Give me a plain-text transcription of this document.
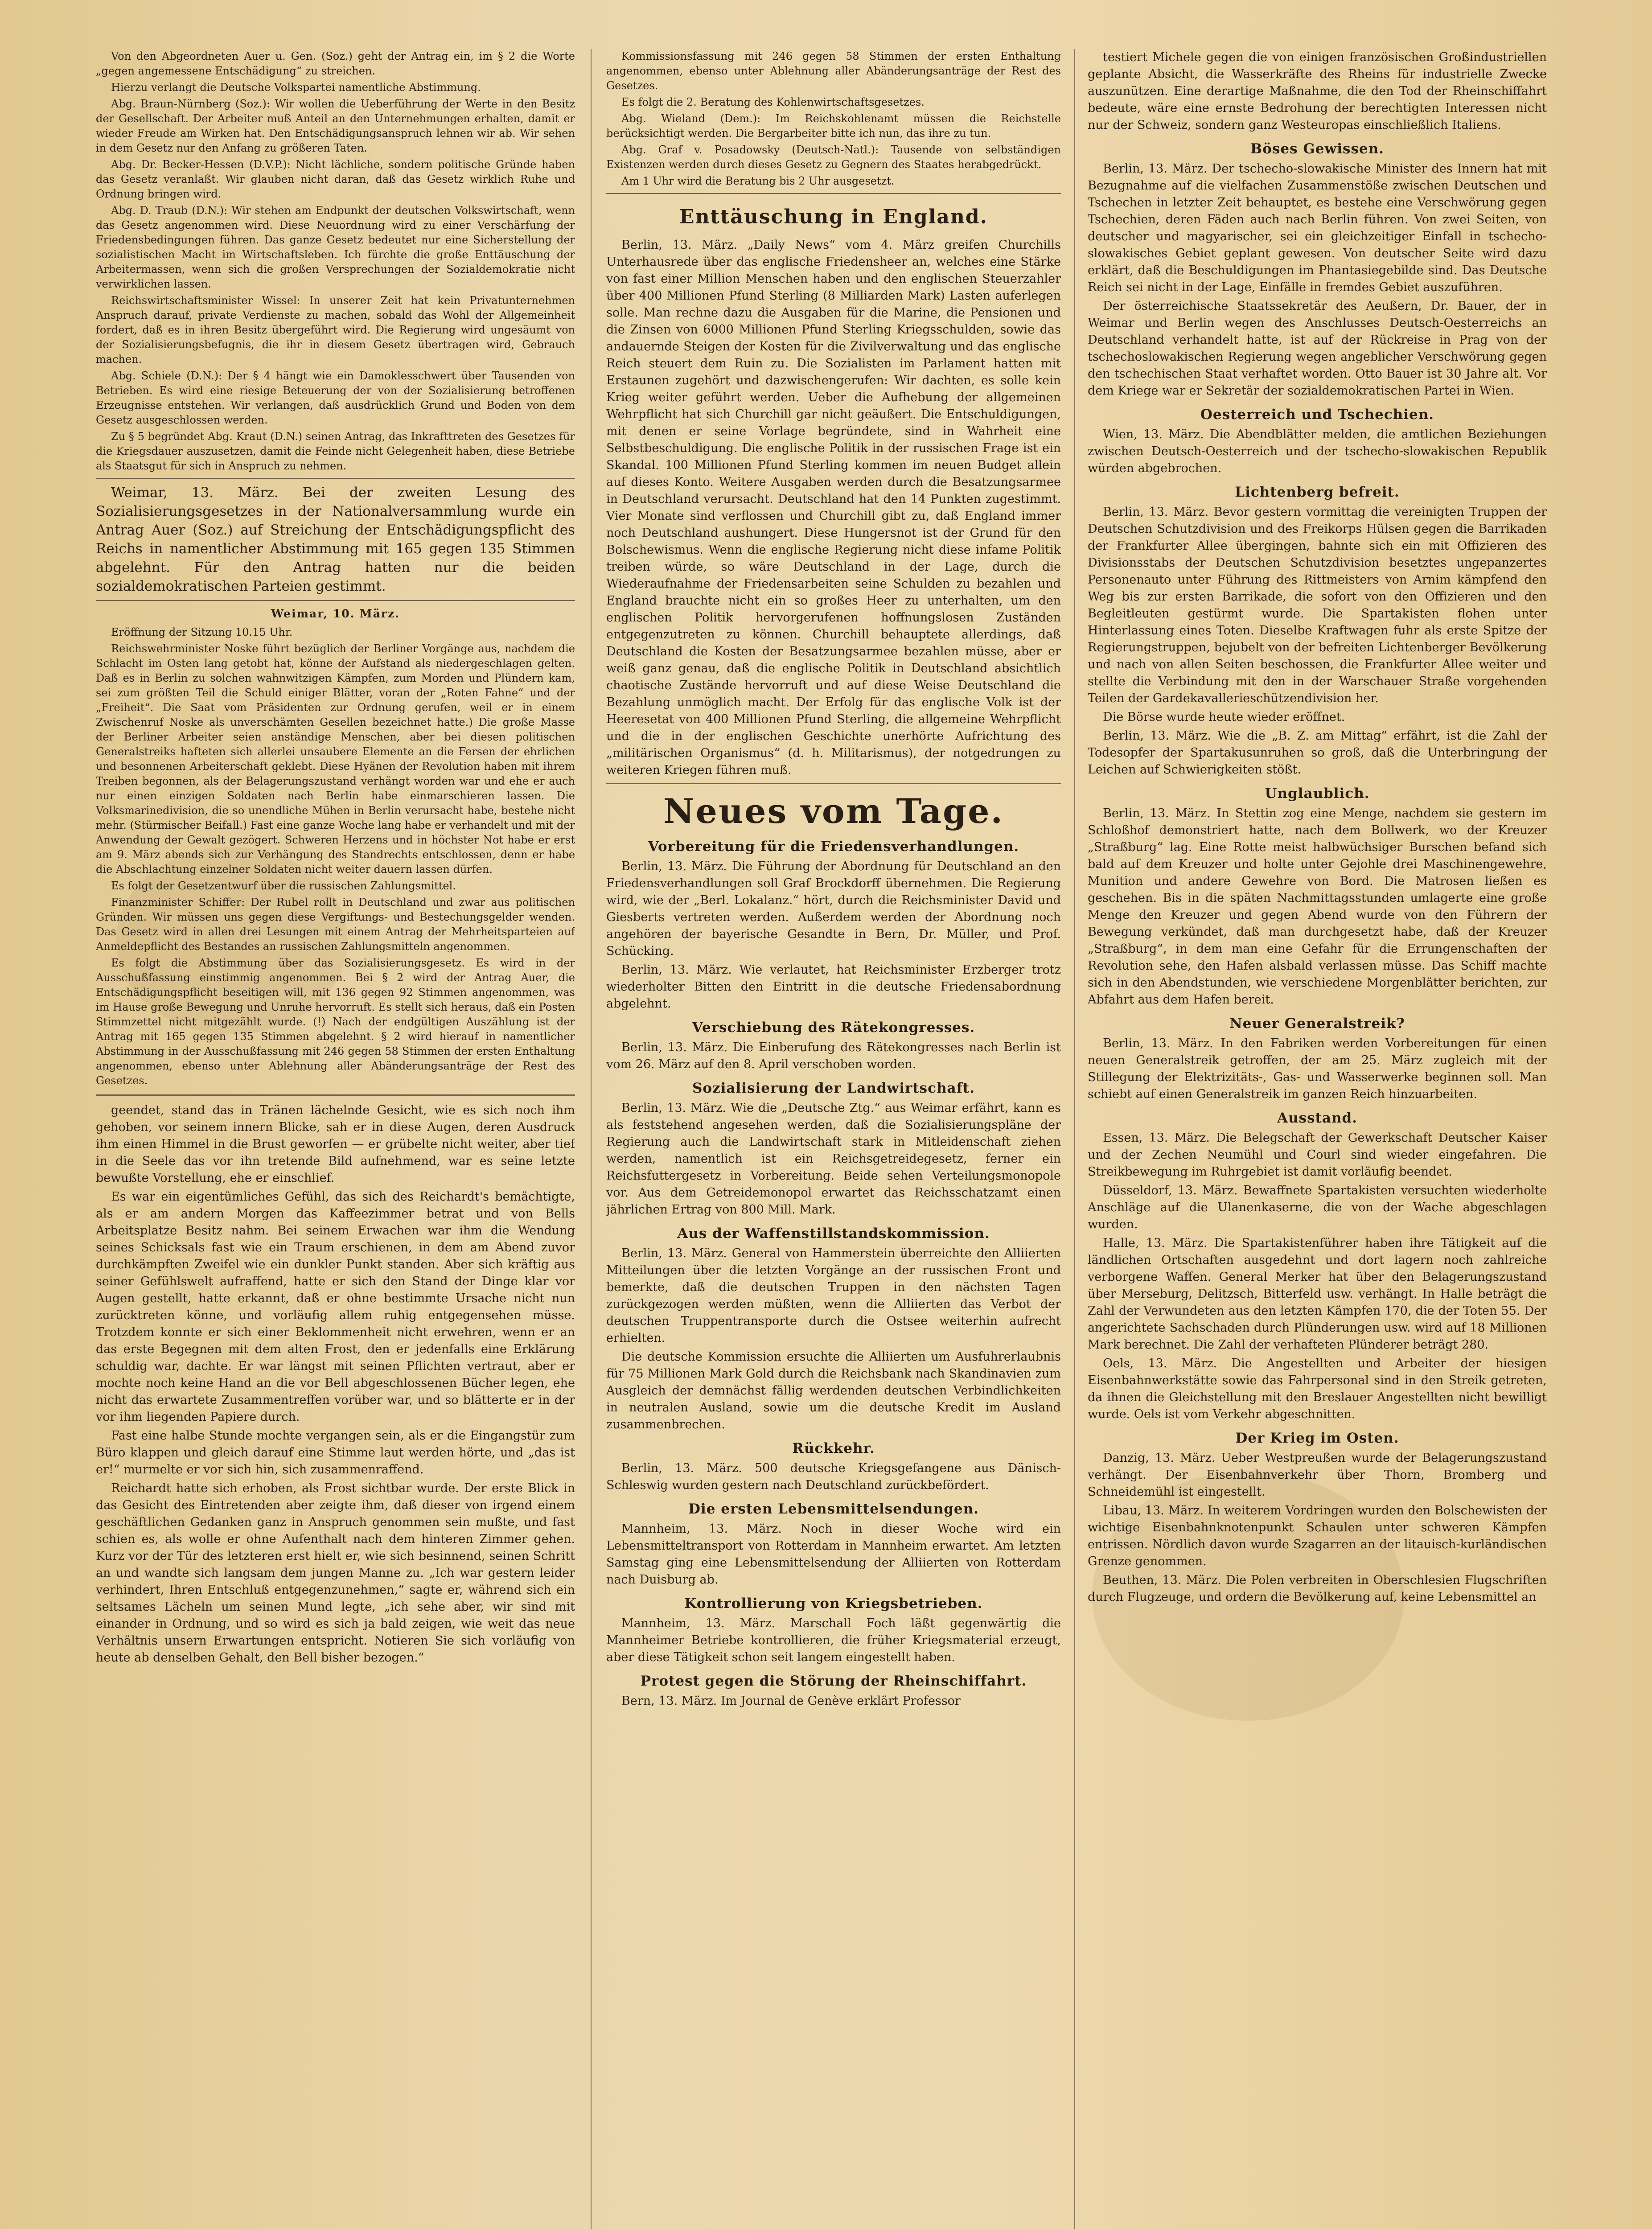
Von den Abgeordneten Auer u. Gen. (Soz.) geht der Antrag ein, im § 2 die Worte „gegen angemessene Entschädigung“ zu streichen.

Hierzu verlangt die Deutsche Volkspartei namentliche Abstimmung.

Abg. Braun-Nürnberg (Soz.): Wir wollen die Ueberführung der Werte in den Besitz der Gesellschaft. Der Arbeiter muß Anteil an den Unternehmungen erhalten, damit er wieder Freude am Wirken hat. Den Entschädigungsanspruch lehnen wir ab. Wir sehen in dem Gesetz nur den Anfang zu größeren Taten.

Abg. Dr. Becker-Hessen (D.V.P.): Nicht lächliche, sondern politische Gründe haben das Gesetz veranlaßt. Wir glauben nicht daran, daß das Gesetz wirklich Ruhe und Ordnung bringen wird.

Abg. D. Traub (D.N.): Wir stehen am Endpunkt der deutschen Volkswirtschaft, wenn das Gesetz angenommen wird. Diese Neuordnung wird zu einer Verschärfung der Friedensbedingungen führen. Das ganze Gesetz bedeutet nur eine Sicherstellung der sozialistischen Macht im Wirtschaftsleben. Ich fürchte die große Enttäuschung der Arbeitermassen, wenn sich die großen Versprechungen der Sozialdemokratie nicht verwirklichen lassen.

Reichswirtschaftsminister Wissel: In unserer Zeit hat kein Privatunternehmen Anspruch darauf, private Verdienste zu machen, sobald das Wohl der Allgemeinheit fordert, daß es in ihren Besitz übergeführt wird. Die Regierung wird ungesäumt von der Sozialisierungsbefugnis, die ihr in diesem Gesetz übertragen wird, Gebrauch machen.

Abg. Schiele (D.N.): Der § 4 hängt wie ein Damoklesschwert über Tausenden von Betrieben. Es wird eine riesige Beteuerung der von der Sozialisierung betroffenen Erzeugnisse entstehen. Wir verlangen, daß ausdrücklich Grund und Boden von dem Gesetz ausgeschlossen werden.

Zu § 5 begründet Abg. Kraut (D.N.) seinen Antrag, das Inkrafttreten des Gesetzes für die Kriegsdauer auszusetzen, damit die Feinde nicht Gelegenheit haben, diese Betriebe als Staatsgut für sich in Anspruch zu nehmen.

Weimar, 13. März. Bei der zweiten Lesung des Sozialisierungsgesetzes in der Nationalversammlung wurde ein Antrag Auer (Soz.) auf Streichung der Entschädigungspflicht des Reichs in namentlicher Abstimmung mit 165 gegen 135 Stimmen abgelehnt. Für den Antrag hatten nur die beiden sozialdemokratischen Parteien gestimmt.

Weimar, 10. März.

Eröffnung der Sitzung 10.15 Uhr.

Reichswehrminister Noske führt bezüglich der Berliner Vorgänge aus, nachdem die Schlacht im Osten lang getobt hat, könne der Aufstand als niedergeschlagen gelten. Daß es in Berlin zu solchen wahnwitzigen Kämpfen, zum Morden und Plündern kam, sei zum größten Teil die Schuld einiger Blätter, voran der „Roten Fahne“ und der „Freiheit“. Die Saat vom Präsidenten zur Ordnung gerufen, weil er in einem Zwischenruf Noske als unverschämten Gesellen bezeichnet hatte.) Die große Masse der Berliner Arbeiter seien anständige Menschen, aber bei diesen politischen Generalstreiks hafteten sich allerlei unsaubere Elemente an die Fersen der ehrlichen und besonnenen Arbeiterschaft geklebt. Diese Hyänen der Revolution haben mit ihrem Treiben begonnen, als der Belagerungszustand verhängt worden war und ehe er auch nur einen einzigen Soldaten nach Berlin habe einmarschieren lassen. Die Volksmarinedivision, die so unendliche Mühen in Berlin verursacht habe, bestehe nicht mehr. (Stürmischer Beifall.) Fast eine ganze Woche lang habe er verhandelt und mit der Anwendung der Gewalt gezögert. Schweren Herzens und in höchster Not habe er erst am 9. März abends sich zur Verhängung des Standrechts entschlossen, denn er habe die Abschlachtung einzelner Soldaten nicht weiter dauern lassen dürfen.

Es folgt der Gesetzentwurf über die russischen Zahlungsmittel.

Finanzminister Schiffer: Der Rubel rollt in Deutschland und zwar aus politischen Gründen. Wir müssen uns gegen diese Vergiftungs- und Bestechungsgelder wenden. Das Gesetz wird in allen drei Lesungen mit einem Antrag der Mehrheitsparteien auf Anmeldepflicht des Bestandes an russischen Zahlungsmitteln angenommen.

Es folgt die Abstimmung über das Sozialisierungsgesetz. Es wird in der Ausschußfassung einstimmig angenommen. Bei § 2 wird der Antrag Auer, die Entschädigungspflicht beseitigen will, mit 136 gegen 92 Stimmen angenommen, was im Hause große Bewegung und Unruhe hervorruft. Es stellt sich heraus, daß ein Posten Stimmzettel nicht mitgezählt wurde. (!) Nach der endgültigen Auszählung ist der Antrag mit 165 gegen 135 Stimmen abgelehnt. § 2 wird hierauf in namentlicher Abstimmung in der Ausschußfassung mit 246 gegen 58 Stimmen der ersten Enthaltung angenommen, ebenso unter Ablehnung aller Abänderungsanträge der Rest des Gesetzes.

geendet, stand das in Tränen lächelnde Gesicht, wie es sich noch ihm gehoben, vor seinem innern Blicke, sah er in diese Augen, deren Ausdruck ihm einen Himmel in die Brust geworfen — er grübelte nicht weiter, aber tief in die Seele das vor ihn tretende Bild aufnehmend, war es seine letzte bewußte Vorstellung, ehe er einschlief.

Es war ein eigentümliches Gefühl, das sich des Reichardt's bemächtigte, als er am andern Morgen das Kaffeezimmer betrat und von Bells Arbeitsplatze Besitz nahm. Bei seinem Erwachen war ihm die Wendung seines Schicksals fast wie ein Traum erschienen, in dem am Abend zuvor durchkämpften Zweifel wie ein dunkler Punkt standen. Aber sich kräftig aus seiner Gefühlswelt aufraffend, hatte er sich den Stand der Dinge klar vor Augen gestellt, hatte erkannt, daß er ohne bestimmte Ursache nicht nun zurücktreten könne, und vorläufig allem ruhig entgegensehen müsse. Trotzdem konnte er sich einer Beklommenheit nicht erwehren, wenn er an das erste Begegnen mit dem alten Frost, den er jedenfalls eine Erklärung schuldig war, dachte. Er war längst mit seinen Pflichten vertraut, aber er mochte noch keine Hand an die vor Bell abgeschlossenen Bücher legen, ehe nicht das erwartete Zusammentreffen vorüber war, und so blätterte er in der vor ihm liegenden Papiere durch.

Fast eine halbe Stunde mochte vergangen sein, als er die Eingangstür zum Büro klappen und gleich darauf eine Stimme laut werden hörte, und „das ist er!“ murmelte er vor sich hin, sich zusammenraffend.

Reichardt hatte sich erhoben, als Frost sichtbar wurde. Der erste Blick in das Gesicht des Eintretenden aber zeigte ihm, daß dieser von irgend einem geschäftlichen Gedanken ganz in Anspruch genommen sein mußte, und fast schien es, als wolle er ohne Aufenthalt nach dem hinteren Zimmer gehen. Kurz vor der Tür des letzteren erst hielt er, wie sich besinnend, seinen Schritt an und wandte sich langsam dem jungen Manne zu. „Ich war gestern leider verhindert, Ihren Entschluß entgegenzunehmen,“ sagte er, während sich ein seltsames Lächeln um seinen Mund legte, „ich sehe aber, wir sind mit einander in Ordnung, und so wird es sich ja bald zeigen, wie weit das neue Verhältnis unsern Erwartungen entspricht. Notieren Sie sich vorläufig von heute ab denselben Gehalt, den Bell bisher bezogen.“

Kommissionsfassung mit 246 gegen 58 Stimmen der ersten Enthaltung angenommen, ebenso unter Ablehnung aller Abänderungsanträge der Rest des Gesetzes.

Es folgt die 2. Beratung des Kohlenwirtschaftsgesetzes.

Abg. Wieland (Dem.): Im Reichskohlenamt müssen die Reichstelle berücksichtigt werden. Die Bergarbeiter bitte ich nun, das ihre zu tun.

Abg. Graf v. Posadowsky (Deutsch-Natl.): Tausende von selbständigen Existenzen werden durch dieses Gesetz zu Gegnern des Staates herabgedrückt.

Am 1 Uhr wird die Beratung bis 2 Uhr ausgesetzt.

Enttäuschung in England.

Berlin, 13. März. „Daily News“ vom 4. März greifen Churchills Unterhausrede über das englische Friedensheer an, welches eine Stärke von fast einer Million Menschen haben und den englischen Steuerzahler über 400 Millionen Pfund Sterling (8 Milliarden Mark) Lasten auferlegen solle. Man rechne dazu die Ausgaben für die Marine, die Pensionen und die Zinsen von 6000 Millionen Pfund Sterling Kriegsschulden, sowie das andauernde Steigen der Kosten für die Zivilverwaltung und das englische Reich steuert dem Ruin zu. Die Sozialisten im Parlament hatten mit Erstaunen zugehört und dazwischengerufen: Wir dachten, es solle kein Krieg weiter geführt werden. Ueber die Aufhebung der allgemeinen Wehrpflicht hat sich Churchill gar nicht geäußert. Die Entschuldigungen, mit denen er seine Vorlage begründete, sind in Wahrheit eine Selbstbeschuldigung. Die englische Politik in der russischen Frage ist ein Skandal. 100 Millionen Pfund Sterling kommen im neuen Budget allein auf dieses Konto. Weitere Ausgaben werden durch die Besatzungsarmee in Deutschland verursacht. Deutschland hat den 14 Punkten zugestimmt. Vier Monate sind verflossen und Churchill gibt zu, daß England immer noch Deutschland aushungert. Diese Hungersnot ist der Grund für den Bolschewismus. Wenn die englische Regierung nicht diese infame Politik treiben würde, so wäre Deutschland in der Lage, durch die Wiederaufnahme der Friedensarbeiten seine Schulden zu bezahlen und England brauchte nicht ein so großes Heer zu unterhalten, um den englischen Politik hervorgerufenen hoffnungslosen Zuständen entgegenzutreten zu können. Churchill behauptete allerdings, daß Deutschland die Kosten der Besatzungsarmee bezahlen müsse, aber er weiß ganz genau, daß die englische Politik in Deutschland absichtlich chaotische Zustände hervorruft und auf diese Weise Deutschland die Bezahlung unmöglich macht. Der Erfolg für das englische Volk ist der Heeresetat von 400 Millionen Pfund Sterling, die allgemeine Wehrpflicht und die in der englischen Geschichte unerhörte Aufrichtung des „militärischen Organismus“ (d. h. Militarismus), der notgedrungen zu weiteren Kriegen führen muß.

Neues vom Tage.
Vorbereitung für die Friedensverhandlungen.

Berlin, 13. März. Die Führung der Abordnung für Deutschland an den Friedensverhandlungen soll Graf Brockdorff übernehmen. Die Regierung wird, wie der „Berl. Lokalanz.“ hört, durch die Reichsminister David und Giesberts vertreten werden. Außerdem werden der Abordnung noch angehören der bayerische Gesandte in Bern, Dr. Müller, und Prof. Schücking.

Berlin, 13. März. Wie verlautet, hat Reichsminister Erzberger trotz wiederholter Bitten den Eintritt in die deutsche Friedensabordnung abgelehnt.

Verschiebung des Rätekongresses.

Berlin, 13. März. Die Einberufung des Rätekongresses nach Berlin ist vom 26. März auf den 8. April verschoben worden.

Sozialisierung der Landwirtschaft.

Berlin, 13. März. Wie die „Deutsche Ztg.“ aus Weimar erfährt, kann es als feststehend angesehen werden, daß die Sozialisierungspläne der Regierung auch die Landwirtschaft stark in Mitleidenschaft ziehen werden, namentlich ist ein Reichsgetreidegesetz, ferner ein Reichsfuttergesetz in Vorbereitung. Beide sehen Verteilungsmonopole vor. Aus dem Getreidemonopol erwartet das Reichsschatzamt einen jährlichen Ertrag von 800 Mill. Mark.

Aus der Waffenstillstandskommission.

Berlin, 13. März. General von Hammerstein überreichte den Alliierten Mitteilungen über die letzten Vorgänge an der russischen Front und bemerkte, daß die deutschen Truppen in den nächsten Tagen zurückgezogen werden müßten, wenn die Alliierten das Verbot der deutschen Truppentransporte durch die Ostsee weiterhin aufrecht erhielten.

Die deutsche Kommission ersuchte die Alliierten um Ausfuhrerlaubnis für 75 Millionen Mark Gold durch die Reichsbank nach Skandinavien zum Ausgleich der demnächst fällig werdenden deutschen Verbindlichkeiten in neutralen Ausland, sowie um die deutsche Kredit im Ausland zusammenbrechen.

Rückkehr.

Berlin, 13. März. 500 deutsche Kriegsgefangene aus Dänisch-Schleswig wurden gestern nach Deutschland zurückbefördert.

Die ersten Lebensmittelsendungen.

Mannheim, 13. März. Noch in dieser Woche wird ein Lebensmitteltransport von Rotterdam in Mannheim erwartet. Am letzten Samstag ging eine Lebensmittelsendung der Alliierten von Rotterdam nach Duisburg ab.

Kontrollierung von Kriegsbetrieben.

Mannheim, 13. März. Marschall Foch läßt gegenwärtig die Mannheimer Betriebe kontrollieren, die früher Kriegsmaterial erzeugt, aber diese Tätigkeit schon seit langem eingestellt haben.

Protest gegen die Störung der Rheinschiffahrt.

Bern, 13. März. Im Journal de Genève erklärt Professor

testiert Michele gegen die von einigen französischen Großindustriellen geplante Absicht, die Wasserkräfte des Rheins für industrielle Zwecke auszunützen. Eine derartige Maßnahme, die den Tod der Rheinschiffahrt bedeute, wäre eine ernste Bedrohung der berechtigten Interessen nicht nur der Schweiz, sondern ganz Westeuropas einschließlich Italiens.

Böses Gewissen.

Berlin, 13. März. Der tschecho-slowakische Minister des Innern hat mit Bezugnahme auf die vielfachen Zusammenstöße zwischen Deutschen und Tschechen in letzter Zeit behauptet, es bestehe eine Verschwörung gegen Tschechien, deren Fäden auch nach Berlin führen. Von zwei Seiten, von deutscher und magyarischer, sei ein gleichzeitiger Einfall in tschecho-slowakisches Gebiet geplant gewesen. Von deutscher Seite wird dazu erklärt, daß die Beschuldigungen im Phantasiegebilde sind. Das Deutsche Reich sei nicht in der Lage, Einfälle in fremdes Gebiet auszuführen.

Der österreichische Staatssekretär des Aeußern, Dr. Bauer, der in Weimar und Berlin wegen des Anschlusses Deutsch-Oesterreichs an Deutschland verhandelt hatte, ist auf der Rückreise in Prag von der tschechoslowakischen Regierung wegen angeblicher Verschwörung gegen den tschechischen Staat verhaftet worden. Otto Bauer ist 30 Jahre alt. Vor dem Kriege war er Sekretär der sozialdemokratischen Partei in Wien.

Oesterreich und Tschechien.

Wien, 13. März. Die Abendblätter melden, die amtlichen Beziehungen zwischen Deutsch-Oesterreich und der tschecho-slowakischen Republik würden abgebrochen.

Lichtenberg befreit.

Berlin, 13. März. Bevor gestern vormittag die vereinigten Truppen der Deutschen Schutzdivision und des Freikorps Hülsen gegen die Barrikaden der Frankfurter Allee übergingen, bahnte sich ein mit Offizieren des Divisionsstabs der Deutschen Schutzdivision besetztes ungepanzertes Personenauto unter Führung des Rittmeisters von Arnim kämpfend den Weg bis zur ersten Barrikade, die sofort von den Offizieren und den Begleitleuten gestürmt wurde. Die Spartakisten flohen unter Hinterlassung eines Toten. Dieselbe Kraftwagen fuhr als erste Spitze der Regierungstruppen, bejubelt von der befreiten Lichtenberger Bevölkerung und nach von allen Seiten beschossen, die Frankfurter Allee weiter und stellte die Verbindung mit den in der Warschauer Straße vorgehenden Teilen der Gardekavallerieschützendivision her.

Die Börse wurde heute wieder eröffnet.

Berlin, 13. März. Wie die „B. Z. am Mittag“ erfährt, ist die Zahl der Todesopfer der Spartakusunruhen so groß, daß die Unterbringung der Leichen auf Schwierigkeiten stößt.

Unglaublich.

Berlin, 13. März. In Stettin zog eine Menge, nachdem sie gestern im Schloßhof demonstriert hatte, nach dem Bollwerk, wo der Kreuzer „Straßburg“ lag. Eine Rotte meist halbwüchsiger Burschen befand sich bald auf dem Kreuzer und holte unter Gejohle drei Maschinengewehre, Munition und andere Gewehre von Bord. Die Matrosen ließen es geschehen. Bis in die späten Nachmittagsstunden umlagerte eine große Menge den Kreuzer und gegen Abend wurde von den Führern der Bewegung verkündet, daß man durchgesetzt habe, daß der Kreuzer „Straßburg“, in dem man eine Gefahr für die Errungenschaften der Revolution sehe, den Hafen alsbald verlassen müsse. Das Schiff machte sich in den Abendstunden, wie verschiedene Morgenblätter berichten, zur Abfahrt aus dem Hafen bereit.

Neuer Generalstreik?

Berlin, 13. März. In den Fabriken werden Vorbereitungen für einen neuen Generalstreik getroffen, der am 25. März zugleich mit der Stillegung der Elektrizitäts-, Gas- und Wasserwerke beginnen soll. Man schiebt auf einen Generalstreik im ganzen Reich hinzuarbeiten.

Ausstand.

Essen, 13. März. Die Belegschaft der Gewerkschaft Deutscher Kaiser und der Zechen Neumühl und Courl sind wieder eingefahren. Die Streikbewegung im Ruhrgebiet ist damit vorläufig beendet.

Düsseldorf, 13. März. Bewaffnete Spartakisten versuchten wiederholte Anschläge auf die Ulanenkaserne, die von der Wache abgeschlagen wurden.

Halle, 13. März. Die Spartakistenführer haben ihre Tätigkeit auf die ländlichen Ortschaften ausgedehnt und dort lagern noch zahlreiche verborgene Waffen. General Merker hat über den Belagerungszustand über Merseburg, Delitzsch, Bitterfeld usw. verhängt. In Halle beträgt die Zahl der Verwundeten aus den letzten Kämpfen 170, die der Toten 55. Der angerichtete Sachschaden durch Plünderungen usw. wird auf 18 Millionen Mark berechnet. Die Zahl der verhafteten Plünderer beträgt 280.

Oels, 13. März. Die Angestellten und Arbeiter der hiesigen Eisenbahnwerkstätte sowie das Fahrpersonal sind in den Streik getreten, da ihnen die Gleichstellung mit den Breslauer Angestellten nicht bewilligt wurde. Oels ist vom Verkehr abgeschnitten.

Der Krieg im Osten.

Danzig, 13. März. Ueber Westpreußen wurde der Belagerungszustand verhängt. Der Eisenbahnverkehr über Thorn, Bromberg und Schneidemühl ist eingestellt.

Libau, 13. März. In weiterem Vordringen wurden den Bolschewisten der wichtige Eisenbahnknotenpunkt Schaulen unter schweren Kämpfen entrissen. Nördlich davon wurde Szagarren an der litauisch-kurländischen Grenze genommen.

Beuthen, 13. März. Die Polen verbreiten in Oberschlesien Flugschriften durch Flugzeuge, und ordern die Bevölkerung auf, keine Lebensmittel an
